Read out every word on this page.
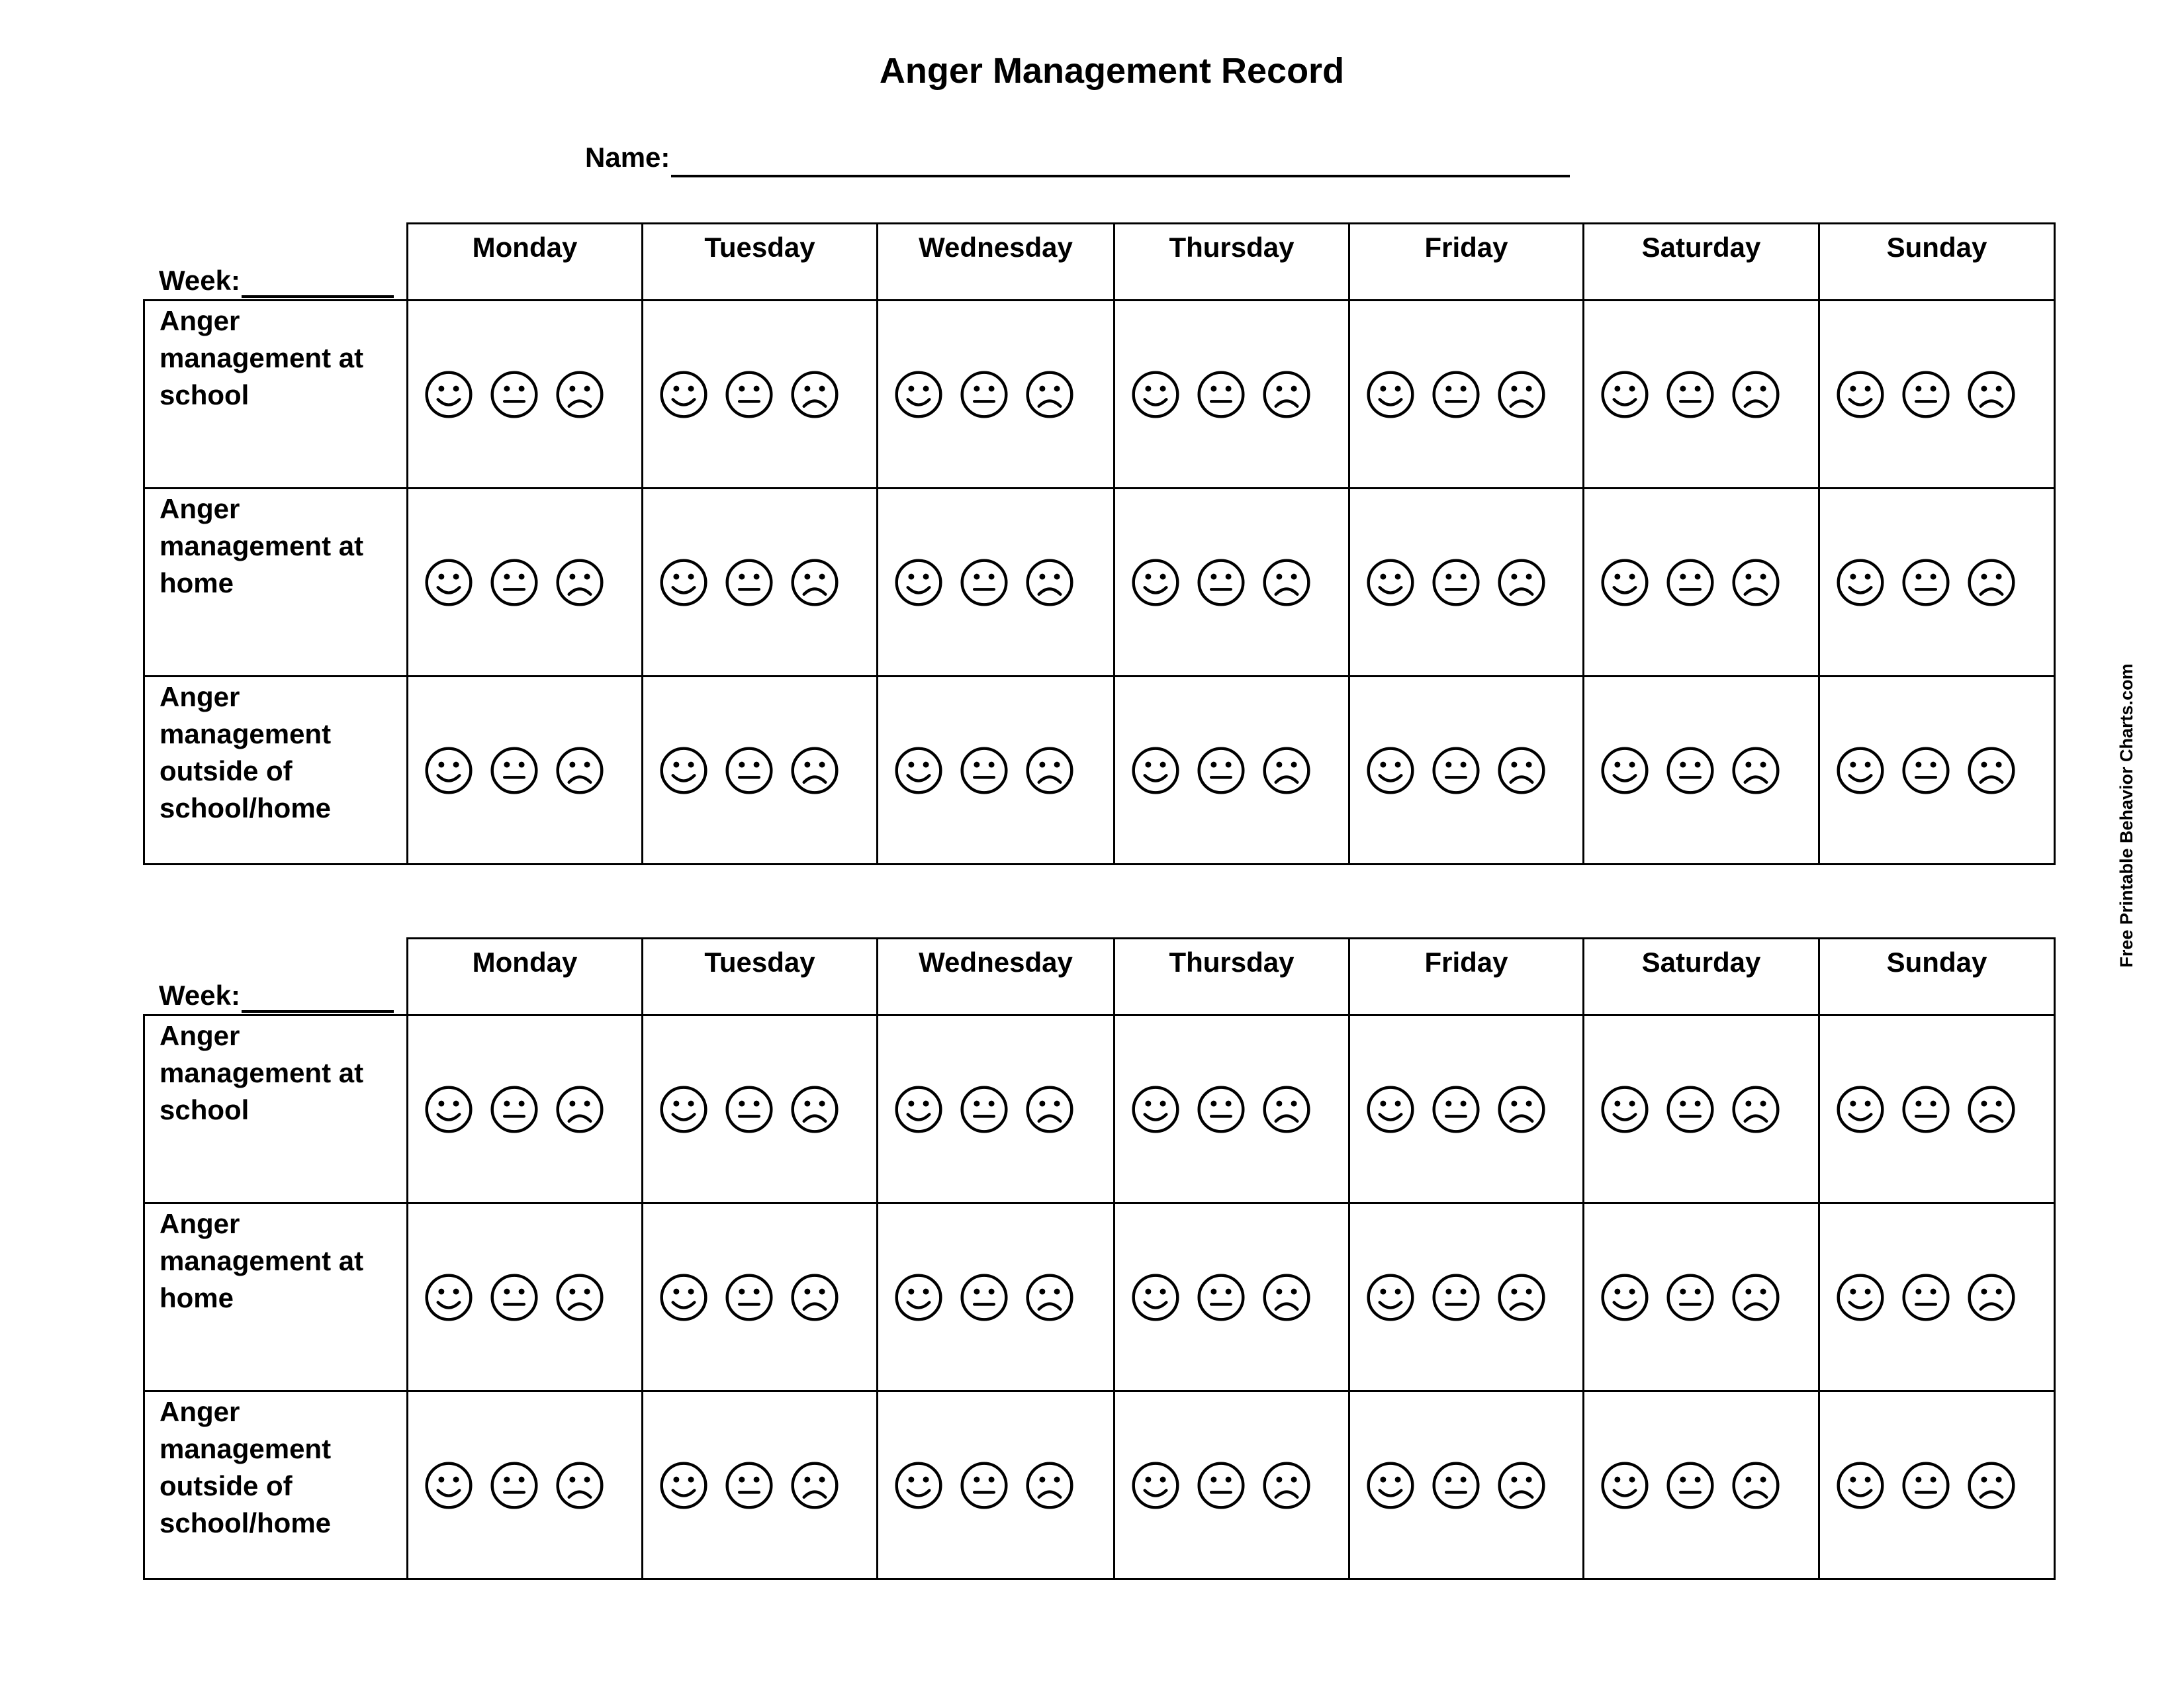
Anger Management Record
Name:
Week:
Monday	Tuesday	Wednesday	Thursday	Friday	Saturday	Sunday
Anger management at school
Anger management at home
Anger management outside of school/home
Week:
Monday	Tuesday	Wednesday	Thursday	Friday	Saturday	Sunday
Anger management at school
Anger management at home
Anger management outside of school/home
Free Printable Behavior Charts.com
